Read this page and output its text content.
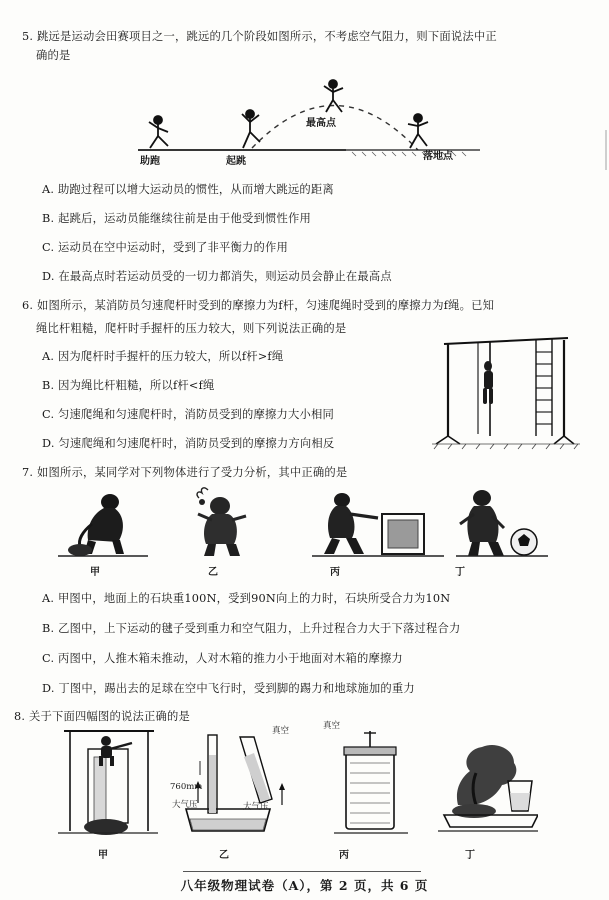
5. 跳远是运动会田赛项目之一，跳远的几个阶段如图所示，不考虑空气阻力，则下面说法中正
确的是
助跑	起跳
最高点
落地点
A. 助跑过程可以增大运动员的惯性，从而增大跳远的距离
B. 起跳后，运动员能继续往前是由于他受到惯性作用
C. 运动员在空中运动时，受到了非平衡力的作用
D. 在最高点时若运动员受的一切力都消失，则运动员会静止在最高点
6. 如图所示，某消防员匀速爬杆时受到的摩擦力为f杆，匀速爬绳时受到的摩擦力为f绳。已知
绳比杆粗糙，爬杆时手握杆的压力较大，则下列说法正确的是
A. 因为爬杆时手握杆的压力较大，所以f杆>f绳
B. 因为绳比杆粗糙，所以f杆<f绳
C. 匀速爬绳和匀速爬杆时，消防员受到的摩擦力大小相同
D. 匀速爬绳和匀速爬杆时，消防员受到的摩擦力方向相反
7. 如图所示，某同学对下列物体进行了受力分析，其中正确的是
甲	乙	丙	丁
A. 甲图中，地面上的石块重100N，受到90N向上的力时，石块所受合力为10N
B. 乙图中，上下运动的毽子受到重力和空气阻力，上升过程合力大于下落过程合力
C. 丙图中，人推木箱未推动，人对木箱的推力小于地面对木箱的摩擦力
D. 丁图中，踢出去的足球在空中飞行时，受到脚的踢力和地球施加的重力
8. 关于下面四幅图的说法正确的是
真空	真空
760mm
大气压	大气压
甲	乙	丙	丁
八年级物理试卷（A），第 2 页，共 6 页
